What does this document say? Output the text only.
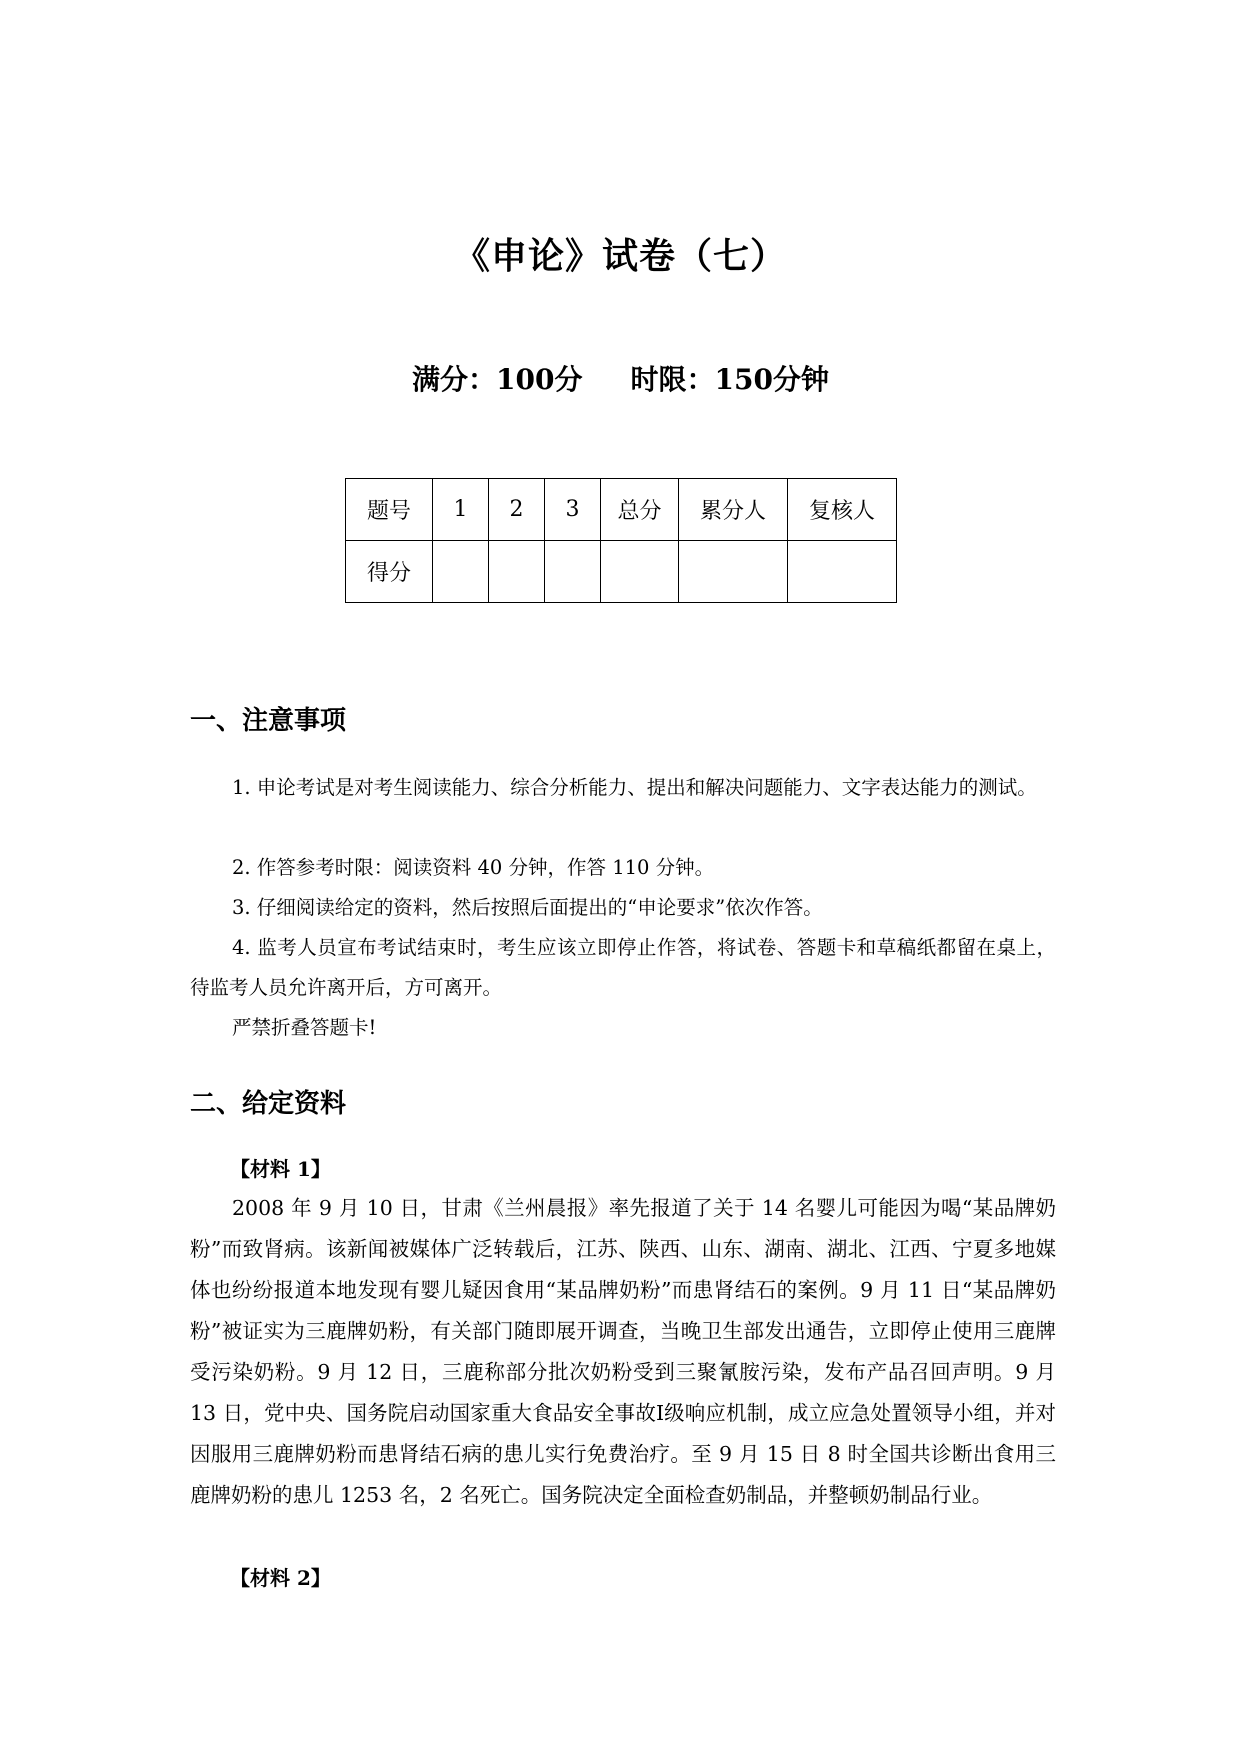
《申论》试卷（七）
满分：100分 时限：150分钟
题号	1	2	3	总分	累分人	复核人
得分						
一、注意事项
1. 申论考试是对考生阅读能力、综合分析能力、提出和解决问题能力、文字表达能力的测试。
2. 作答参考时限：阅读资料 40 分钟，作答 110 分钟。
3. 仔细阅读给定的资料，然后按照后面提出的“申论要求”依次作答。
4. 监考人员宣布考试结束时，考生应该立即停止作答，将试卷、答题卡和草稿纸都留在桌上，待监考人员允许离开后，方可离开。
严禁折叠答题卡!
二、给定资料
【材料 1】
2008 年 9 月 10 日，甘肃《兰州晨报》率先报道了关于 14 名婴儿可能因为喝“某品牌奶粉”而致肾病。该新闻被媒体广泛转载后，江苏、陕西、山东、湖南、湖北、江西、宁夏多地媒体也纷纷报道本地发现有婴儿疑因食用“某品牌奶粉”而患肾结石的案例。9 月 11 日“某品牌奶粉”被证实为三鹿牌奶粉，有关部门随即展开调查，当晚卫生部发出通告，立即停止使用三鹿牌受污染奶粉。9 月 12 日，三鹿称部分批次奶粉受到三聚氰胺污染，发布产品召回声明。9 月 13 日，党中央、国务院启动国家重大食品安全事故Ⅰ级响应机制，成立应急处置领导小组，并对因服用三鹿牌奶粉而患肾结石病的患儿实行免费治疗。至 9 月 15 日 8 时全国共诊断出食用三鹿牌奶粉的患儿 1253 名，2 名死亡。国务院决定全面检查奶制品，并整顿奶制品行业。
【材料 2】
